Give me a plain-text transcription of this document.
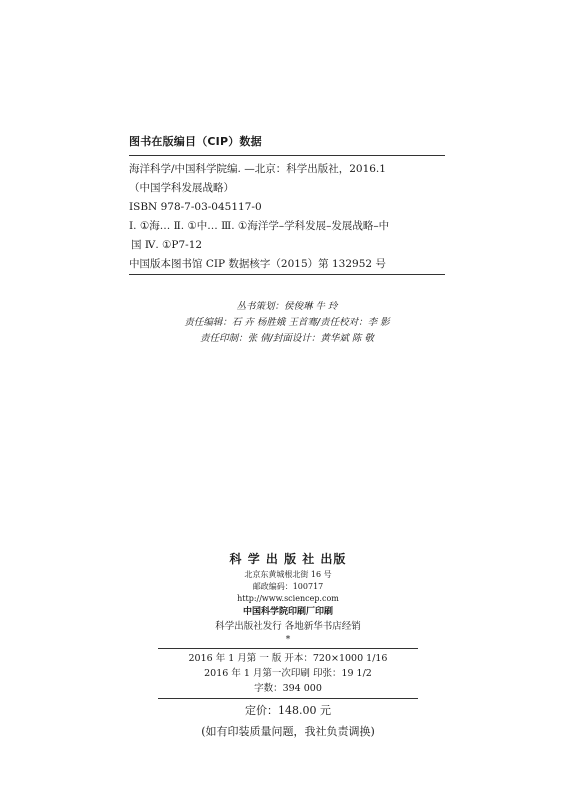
图书在版编目（CIP）数据
海洋科学/中国科学院编. —北京：科学出版社，2016.1
（中国学科发展战略）
ISBN 978-7-03-045117-0
Ⅰ. ①海… Ⅱ. ①中… Ⅲ. ①海洋学–学科发展–发展战略–中
国 Ⅳ. ①P7-12
中国版本图书馆 CIP 数据核字（2015）第 132952 号
丛书策划：侯俊琳 牛 玲
责任编辑：石 卉 杨胜娥 王首骞/责任校对：李 影
责任印制：张 倩/封面设计：黄华斌 陈 敬
科 学 出 版 社 出版
北京东黄城根北街 16 号
邮政编码：100717
http://www.sciencep.com
中国科学院印刷厂印刷
科学出版社发行 各地新华书店经销
*
2016 年 1 月第 一 版 开本：720×1000 1/16
2016 年 1 月第一次印刷 印张：19 1/2
字数：394 000
定价：148.00 元
(如有印装质量问题，我社负责调换)
